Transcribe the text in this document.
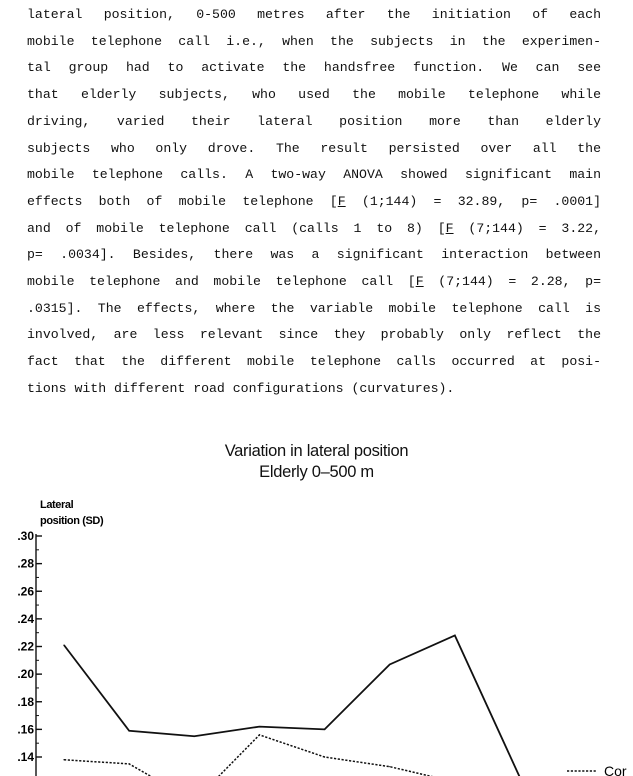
lateral position, 0-500 metres after the initiation of each
mobile telephone call i.e., when the subjects in the experimen-
tal group had to activate the handsfree function. We can see
that elderly subjects, who used the mobile telephone while
driving, varied their lateral position more than elderly
subjects who only drove. The result persisted over all the
mobile telephone calls. A two-way ANOVA showed significant main
effects both of mobile telephone [F (1;144) = 32.89, p= .0001]
and of mobile telephone call (calls 1 to 8) [F (7;144) = 3.22,
p= .0034]. Besides, there was a significant interaction between
mobile telephone and mobile telephone call [F (7;144) = 2.28, p=
.0315]. The effects, where the variable mobile telephone call is
involved, are less relevant since they probably only reflect the
fact that the different mobile telephone calls occurred at posi-
tions with different road configurations (curvatures).
Variation in lateral position
Elderly 0–500 m
.30
.28
.26
.24
.22
.20
.18
.16
.14
Lateral
position (SD)
Cor
